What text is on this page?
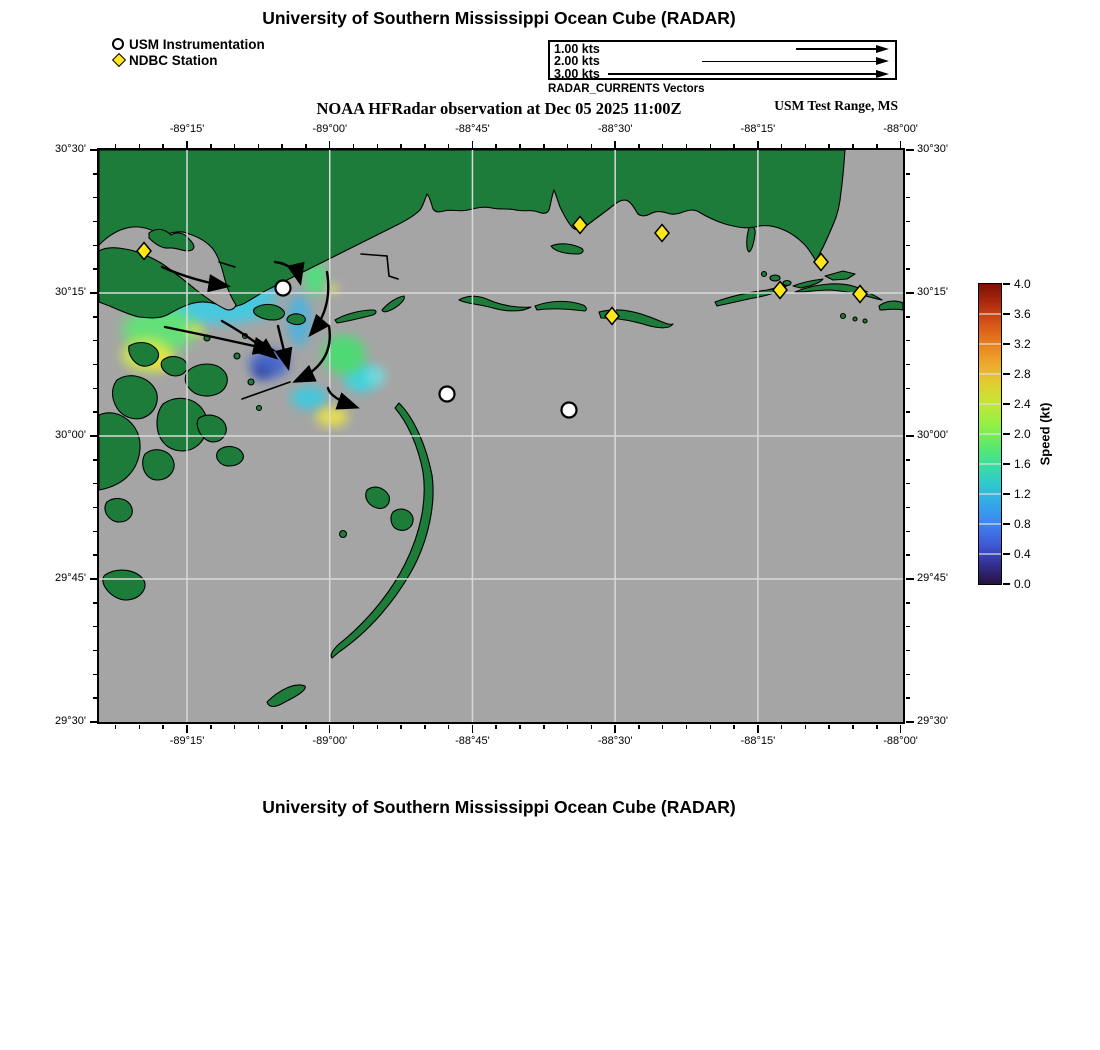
University of Southern Mississippi Ocean Cube (RADAR)
USM Instrumentation
NDBC Station
1.00 kts
2.00 kts
3.00 kts
RADAR_CURRENTS Vectors
NOAA HFRadar observation at Dec 05 2025 11:00Z	USM Test Range, MS
-89°15'
-89°15'
-89°00'
-89°00'
-88°45'
-88°45'
-88°30'
-88°30'
-88°15'
-88°15'
-88°00'
-88°00'
30°30'	30°30'
30°15'	30°15'
30°00'	30°00'
29°45'	29°45'
29°30'	29°30'
0.0
0.4
0.8
1.2
1.6
2.0
2.4
2.8
3.2
3.6
4.0
Speed (kt)
University of Southern Mississippi Ocean Cube (RADAR)
